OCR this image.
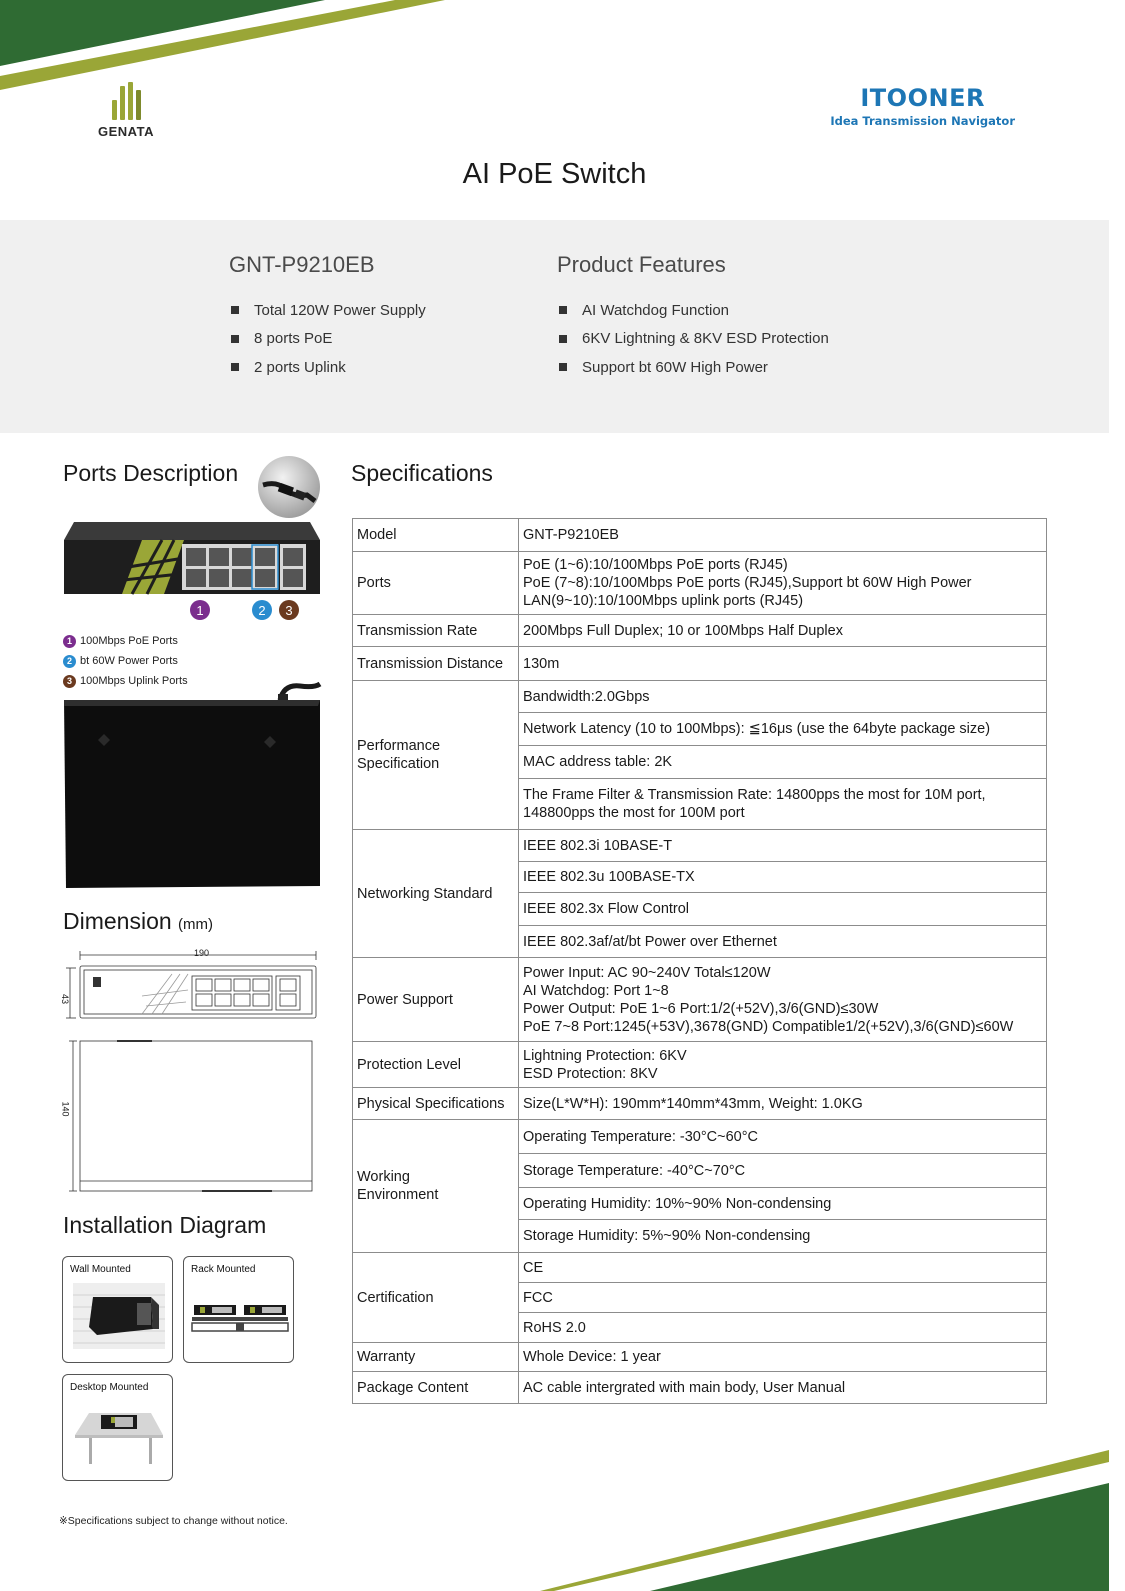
GENATA
ITOONER
Idea Transmission Navigator
AI PoE Switch
GNT-P9210EB
Total 120W Power Supply
8 ports PoE
2 ports Uplink
Product Features
AI Watchdog Function
6KV Lightning & 8KV ESD Protection
Support bt 60W High Power
Ports Description
1	2 3
1 100Mbps PoE Ports
2 bt 60W Power Ports
3 100Mbps Uplink Ports
Dimension (mm)
190
43
140
Installation Diagram
Wall Mounted	Rack Mounted
Desktop Mounted
Specifications
Model	GNT-P9210EB
Ports	PoE (1~6):10/100Mbps PoE ports (RJ45)
PoE (7~8):10/100Mbps PoE ports (RJ45),Support bt 60W High Power
LAN(9~10):10/100Mbps uplink ports (RJ45)

Transmission Rate	200Mbps Full Duplex; 10 or 100Mbps Half Duplex
Transmission Distance	130m
Performance
Specification	Bandwidth:2.0Gbps
	Network Latency (10 to 100Mbps): ≦16μs (use the 64byte package size)
	MAC address table: 2K
	The Frame Filter & Transmission Rate: 14800pps the most for 10M port,
148800pps the most for 100M port
Networking Standard	IEEE 802.3i 10BASE-T
	IEEE 802.3u 100BASE-TX
	IEEE 802.3x Flow Control
	IEEE 802.3af/at/bt Power over Ethernet
Power Support	Power Input: AC 90~240V Total≤120W
AI Watchdog: Port 1~8
Power Output: PoE 1~6 Port:1/2(+52V),3/6(GND)≤30W
PoE 7~8 Port:1245(+53V),3678(GND) Compatible1/2(+52V),3/6(GND)≤60W

Protection Level	Lightning Protection: 6KV
ESD Protection: 8KV

Physical Specifications	Size(L*W*H): 190mm*140mm*43mm, Weight: 1.0KG
Working
Environment	Operating Temperature: -30°C~60°C
	Storage Temperature: -40°C~70°C
	Operating Humidity: 10%~90% Non-condensing
	Storage Humidity: 5%~90% Non-condensing
Certification	CE
	FCC
	RoHS 2.0
Warranty	Whole Device: 1 year
Package Content	AC cable intergrated with main body, User Manual
※Specifications subject to change without notice.
